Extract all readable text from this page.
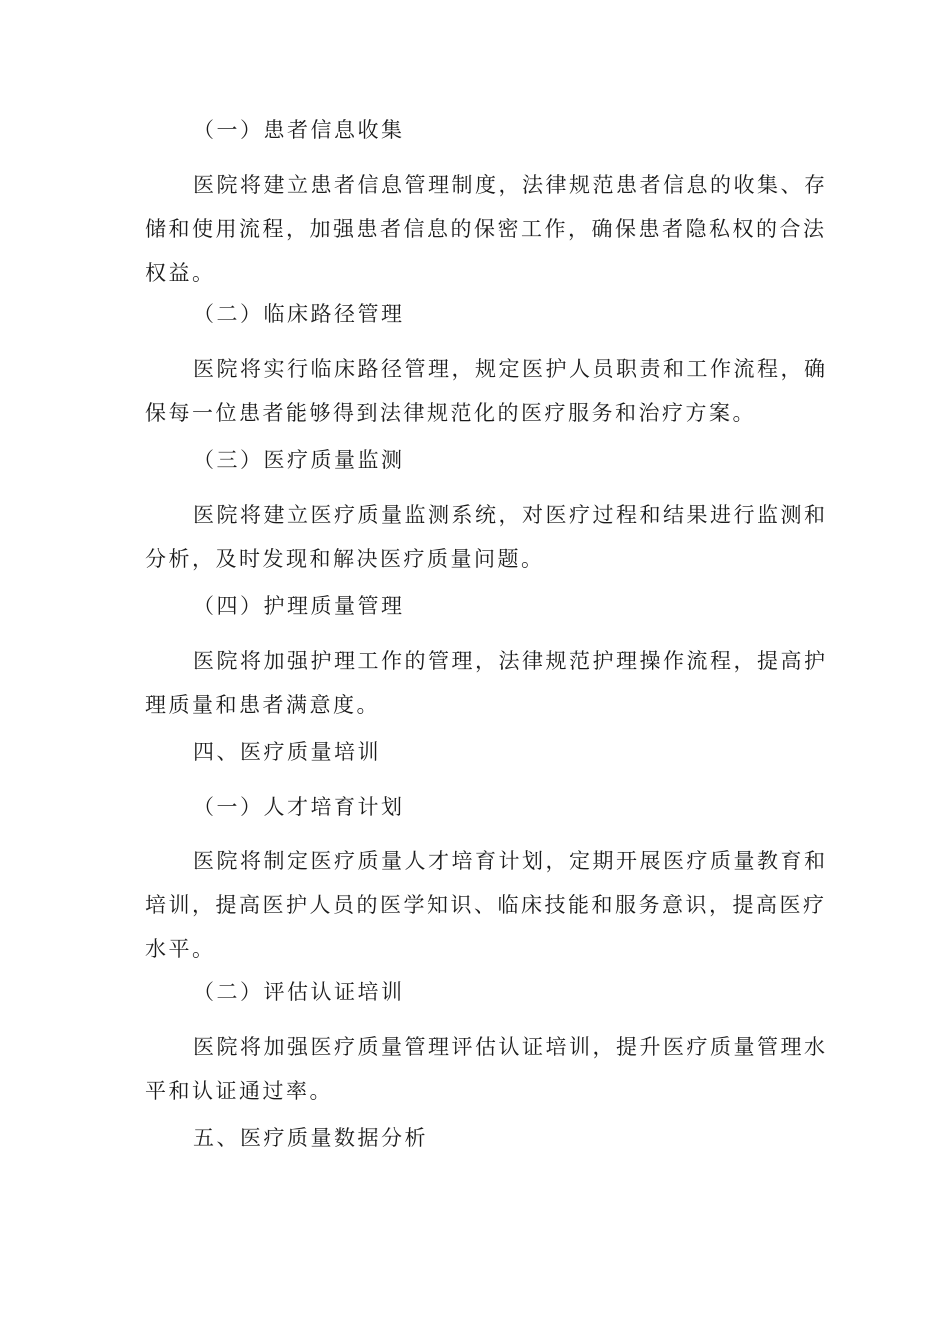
（一）患者信息收集
医院将建立患者信息管理制度，法律规范患者信息的收集、存
储和使用流程，加强患者信息的保密工作，确保患者隐私权的合法
权益。
（二）临床路径管理
医院将实行临床路径管理，规定医护人员职责和工作流程，确
保每一位患者能够得到法律规范化的医疗服务和治疗方案。
（三）医疗质量监测
医院将建立医疗质量监测系统，对医疗过程和结果进行监测和
分析，及时发现和解决医疗质量问题。
（四）护理质量管理
医院将加强护理工作的管理，法律规范护理操作流程，提高护
理质量和患者满意度。
四、医疗质量培训
（一）人才培育计划
医院将制定医疗质量人才培育计划，定期开展医疗质量教育和
培训，提高医护人员的医学知识、临床技能和服务意识，提高医疗
水平。
（二）评估认证培训
医院将加强医疗质量管理评估认证培训，提升医疗质量管理水
平和认证通过率。
五、医疗质量数据分析
